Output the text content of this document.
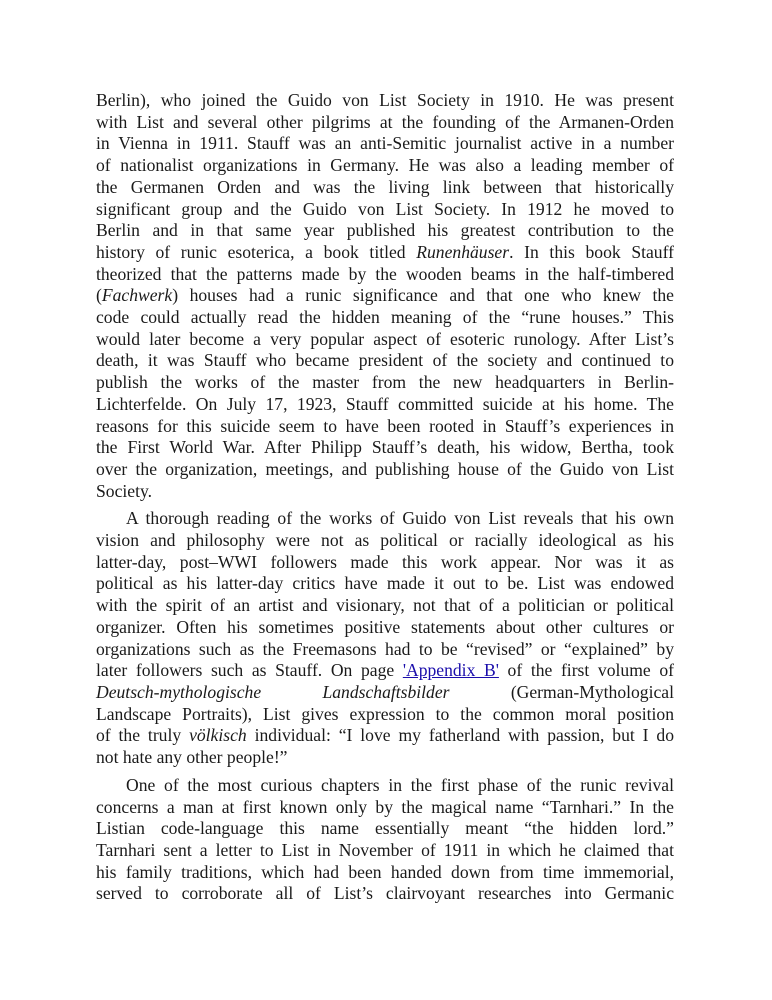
Berlin), who joined the Guido von List Society in 1910. He was present
with List and several other pilgrims at the founding of the Armanen-Orden
in Vienna in 1911. Stauff was an anti-Semitic journalist active in a number
of nationalist organizations in Germany. He was also a leading member of
the Germanen Orden and was the living link between that historically
significant group and the Guido von List Society. In 1912 he moved to
Berlin and in that same year published his greatest contribution to the
history of runic esoterica, a book titled Runenhäuser. In this book Stauff
theorized that the patterns made by the wooden beams in the half-timbered
(Fachwerk) houses had a runic significance and that one who knew the
code could actually read the hidden meaning of the “rune houses.” This
would later become a very popular aspect of esoteric runology. After List’s
death, it was Stauff who became president of the society and continued to
publish the works of the master from the new headquarters in Berlin-
Lichterfelde. On July 17, 1923, Stauff committed suicide at his home. The
reasons for this suicide seem to have been rooted in Stauff’s experiences in
the First World War. After Philipp Stauff’s death, his widow, Bertha, took
over the organization, meetings, and publishing house of the Guido von List
Society.
A thorough reading of the works of Guido von List reveals that his own
vision and philosophy were not as political or racially ideological as his
latter-day, post–WWI followers made this work appear. Nor was it as
political as his latter-day critics have made it out to be. List was endowed
with the spirit of an artist and visionary, not that of a politician or political
organizer. Often his sometimes positive statements about other cultures or
organizations such as the Freemasons had to be “revised” or “explained” by
later followers such as Stauff. On page 'Appendix B' of the first volume of
Deutsch-mythologische	Landschaftsbilder	(German-Mythological
Landscape Portraits), List gives expression to the common moral position
of the truly völkisch individual: “I love my fatherland with passion, but I do
not hate any other people!”
One of the most curious chapters in the first phase of the runic revival
concerns a man at first known only by the magical name “Tarnhari.” In the
Listian code-language this name essentially meant “the hidden lord.”
Tarnhari sent a letter to List in November of 1911 in which he claimed that
his family traditions, which had been handed down from time immemorial,
served to corroborate all of List’s clairvoyant researches into Germanic
